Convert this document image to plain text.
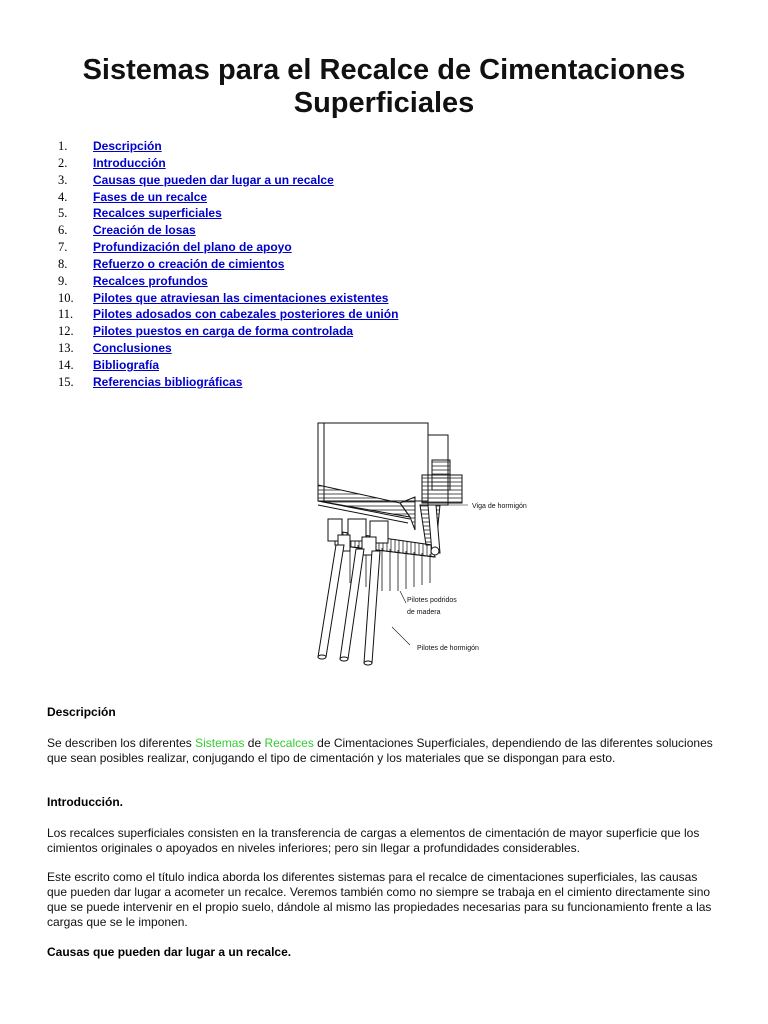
Sistemas para el Recalce de Cimentaciones Superficiales
1. Descripción
2. Introducción
3. Causas que pueden dar lugar a un recalce
4. Fases de un recalce
5. Recalces superficiales
6. Creación de losas
7. Profundización del plano de apoyo
8. Refuerzo o creación de cimientos
9. Recalces profundos
10. Pilotes que atraviesan las cimentaciones existentes
11. Pilotes adosados con cabezales posteriores de unión
12. Pilotes puestos en carga de forma controlada
13. Conclusiones
14. Bibliografía
15. Referencias bibliográficas
Viga de hormigón
Pilotes podridos
de madera
Pilotes de hormigón
Descripción

Se describen los diferentes Sistemas de Recalces de Cimentaciones Superficiales, dependiendo de las diferentes soluciones que sean posibles realizar, conjugando el tipo de cimentación y los materiales que se dispongan para esto.

Introducción.

Los recalces superficiales consisten en la transferencia de cargas a elementos de cimentación de mayor superficie que los cimientos originales o apoyados en niveles inferiores; pero sin llegar a profundidades considerables.

Este escrito como el título indica aborda los diferentes sistemas para el recalce de cimentaciones superficiales, las causas que pueden dar lugar a acometer un recalce. Veremos también como no siempre se trabaja en el cimiento directamente sino que se puede intervenir en el propio suelo, dándole al mismo las propiedades necesarias para su funcionamiento frente a las cargas que se le imponen.

Causas que pueden dar lugar a un recalce.
